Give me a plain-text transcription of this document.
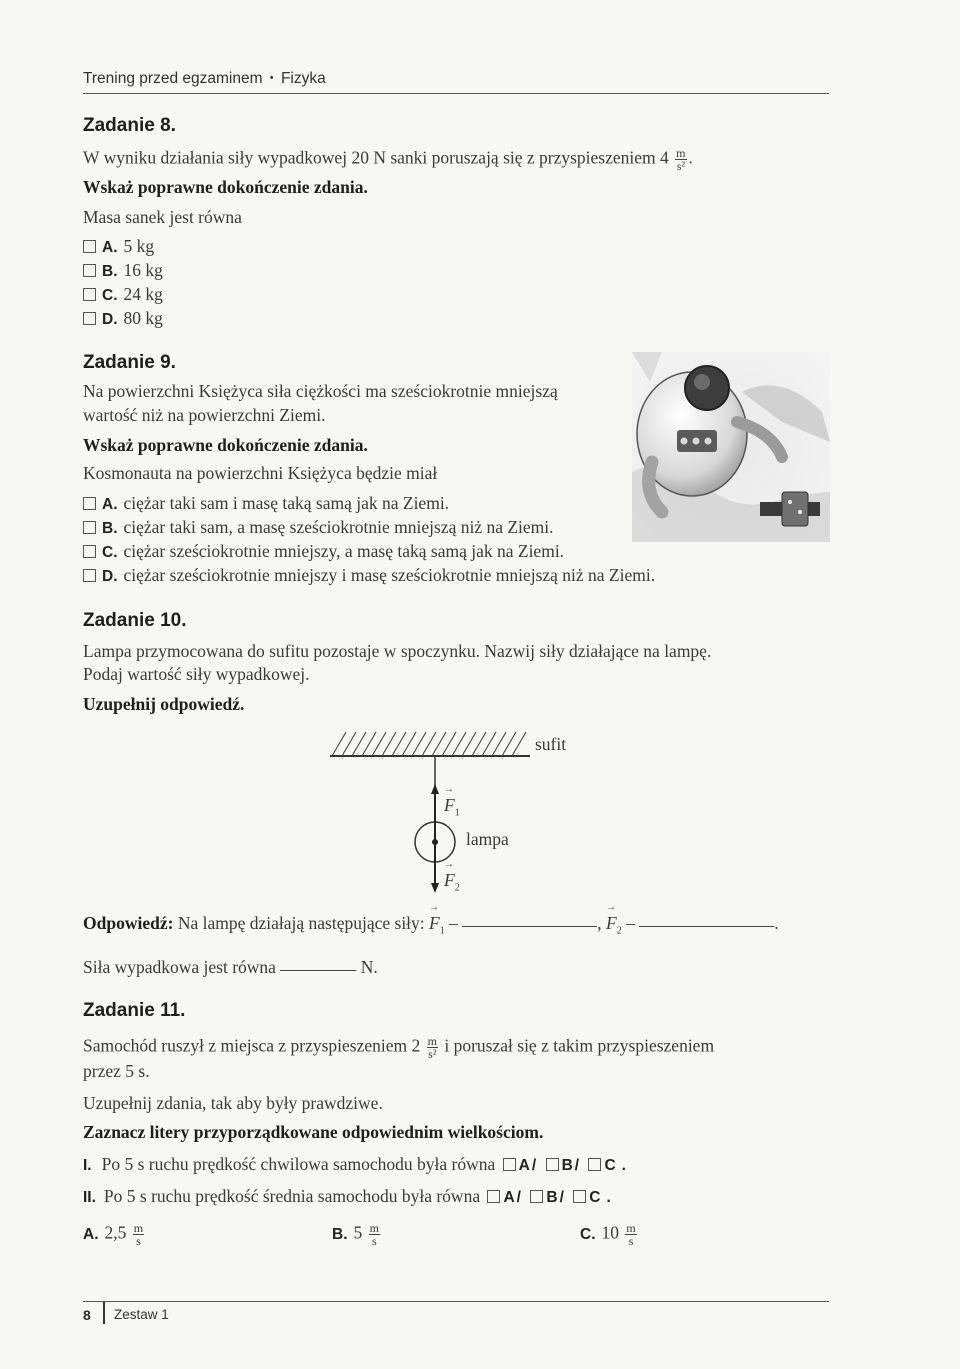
Trening przed egzaminem • Fizyka
Zadanie 8.
W wyniku działania siły wypadkowej 20 N sanki poruszają się z przyspieszeniem $4 \frac{m}{\text{s²}}$ .
Wskaż poprawne dokończenie zdania.
Masa sanek jest równa
A. 5 kg
B. 16 kg
C. 24 kg
D. 80 kg
Zadanie 9.
Na powierzchni Księżyca siła ciężkości ma sześciokrotnie mniejszą
wartość niż na powierzchni Ziemi.
Wskaż poprawne dokończenie zdania.
Kosmonauta na powierzchni Księżyca będzie miał
A. ciężar taki sam i masę taką samą jak na Ziemi.
B. ciężar taki sam, a masę sześciokrotnie mniejszą niż na Ziemi.
C. ciężar sześciokrotnie mniejszy, a masę taką samą jak na Ziemi.
D. ciężar sześciokrotnie mniejszy i masę sześciokrotnie mniejszą niż na Ziemi.
Zadanie 10.
Lampa przymocowana do sufitu pozostaje w spoczynku. Nazwij siły działające na lampę.
Podaj wartość siły wypadkowej.
Uzupełnij odpowiedź.
sufit
→ $F_1$
lampa
→ $F_2$
Odpowiedź: Na lampę działają następujące siły: → $F_1$ –	, → $F_2$ –	.
Siła wypadkowa jest równa	N.
Zadanie 11.
Samochód ruszył z miejsca z przyspieszeniem $2 \frac{m}{\text{s²}}$ i poruszał się z takim przyspieszeniem
przez 5 s.
Uzupełnij zdania, tak aby były prawdziwe.
Zaznacz litery przyporządkowane odpowiednim wielkościom.
I. Po 5 s ruchu prędkość chwilowa samochodu była równa A / B / C .
II. Po 5 s ruchu prędkość średnia samochodu była równa A / B / C .
A. $2,5 \frac{m}{s}$	B. $5 \frac{m}{s}$	C. $10 \frac{m}{s}$
8 Zestaw 1
